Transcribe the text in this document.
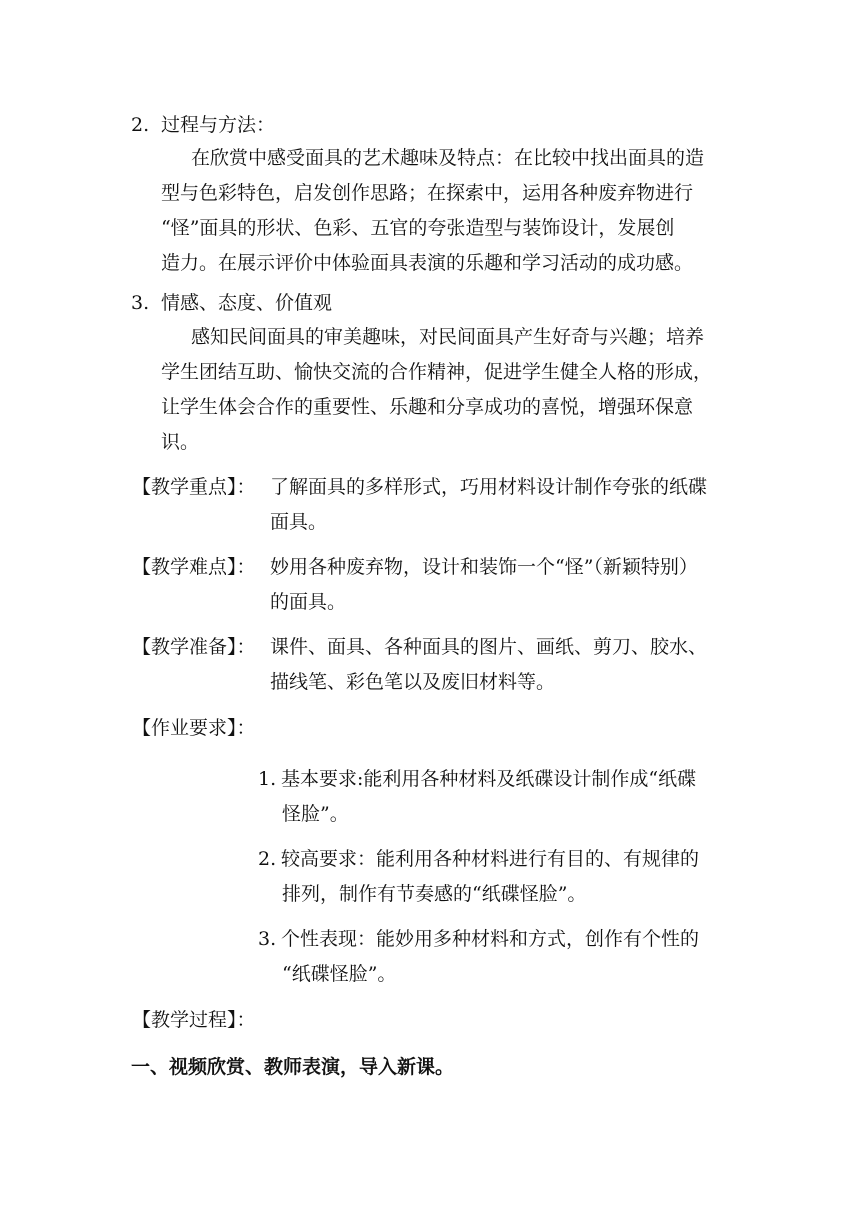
2. 过程与方法：
在欣赏中感受面具的艺术趣味及特点：在比较中找出面具的造
型与色彩特色，启发创作思路；在探索中，运用各种废弃物进行
“怪”面具的形状、色彩、五官的夸张造型与装饰设计，发展创
造力。在展示评价中体验面具表演的乐趣和学习活动的成功感。
3. 情感、态度、价值观
感知民间面具的审美趣味，对民间面具产生好奇与兴趣；培养
学生团结互助、愉快交流的合作精神，促进学生健全人格的形成，
让学生体会合作的重要性、乐趣和分享成功的喜悦，增强环保意
识。
【教学重点】： 了解面具的多样形式，巧用材料设计制作夸张的纸碟
面具。
【教学难点】： 妙用各种废弃物，设计和装饰一个“怪”（新颖特别）
的面具。
【教学准备】： 课件、面具、各种面具的图片、画纸、剪刀、胶水、
描线笔、彩色笔以及废旧材料等。
【作业要求】：
1. 基本要求:能利用各种材料及纸碟设计制作成“纸碟
怪脸”。
2. 较高要求：能利用各种材料进行有目的、有规律的
排列，制作有节奏感的“纸碟怪脸”。
3. 个性表现：能妙用多种材料和方式，创作有个性的
“纸碟怪脸”。
【教学过程】：
一、视频欣赏、教师表演，导入新课。
